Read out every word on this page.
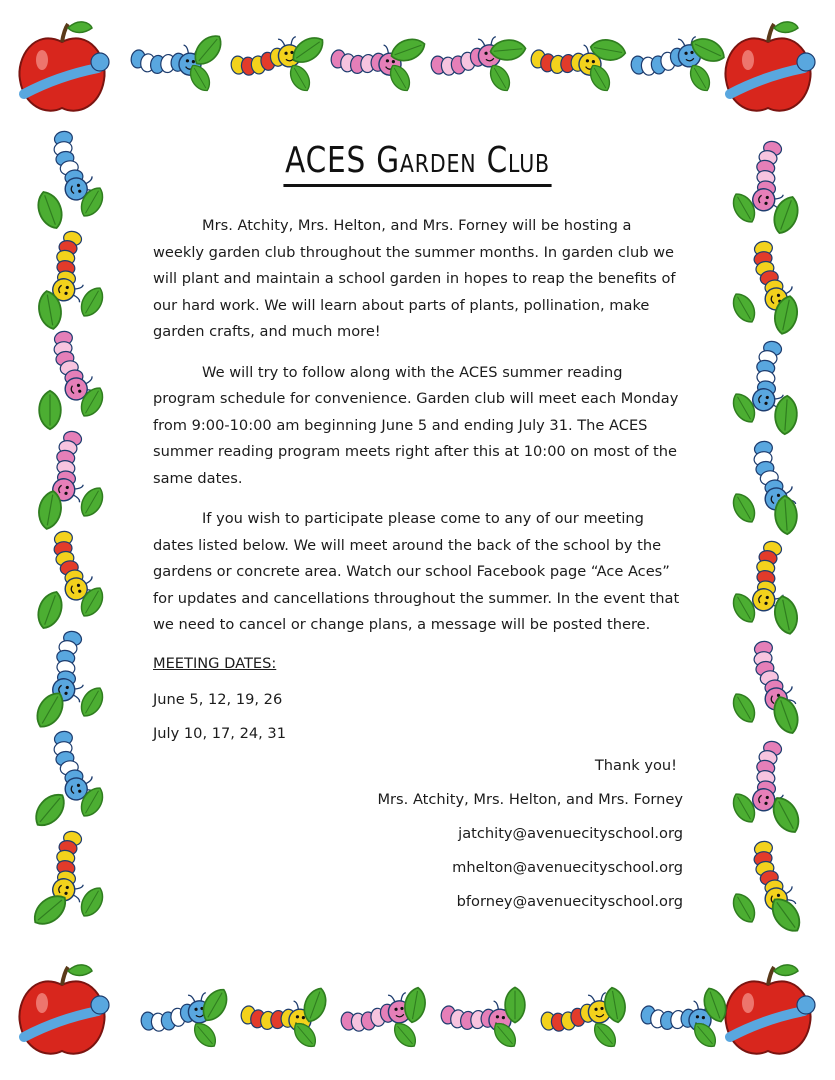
ACES Garden Club

Mrs. Atchity, Mrs. Helton, and Mrs. Forney will be hosting a weekly garden club throughout the summer months. In garden club we will plant and maintain a school garden in hopes to reap the benefits of our hard work. We will learn about parts of plants, pollination, make garden crafts, and much more!

We will try to follow along with the ACES summer reading program schedule for convenience. Garden club will meet each Monday from 9:00-10:00 am beginning June 5 and ending July 31. The ACES summer reading program meets right after this at 10:00 on most of the same dates.

If you wish to participate please come to any of our meeting dates listed below. We will meet around the back of the school by the gardens or concrete area. Watch our school Facebook page “Ace Aces” for updates and cancellations throughout the summer. In the event that we need to cancel or change plans, a message will be posted there.

MEETING DATES:

June 5, 12, 19, 26

July 10, 17, 24, 31

Thank you!

Mrs. Atchity, Mrs. Helton, and Mrs. Forney

jatchity@avenuecityschool.org

mhelton@avenuecityschool.org

bforney@avenuecityschool.org
